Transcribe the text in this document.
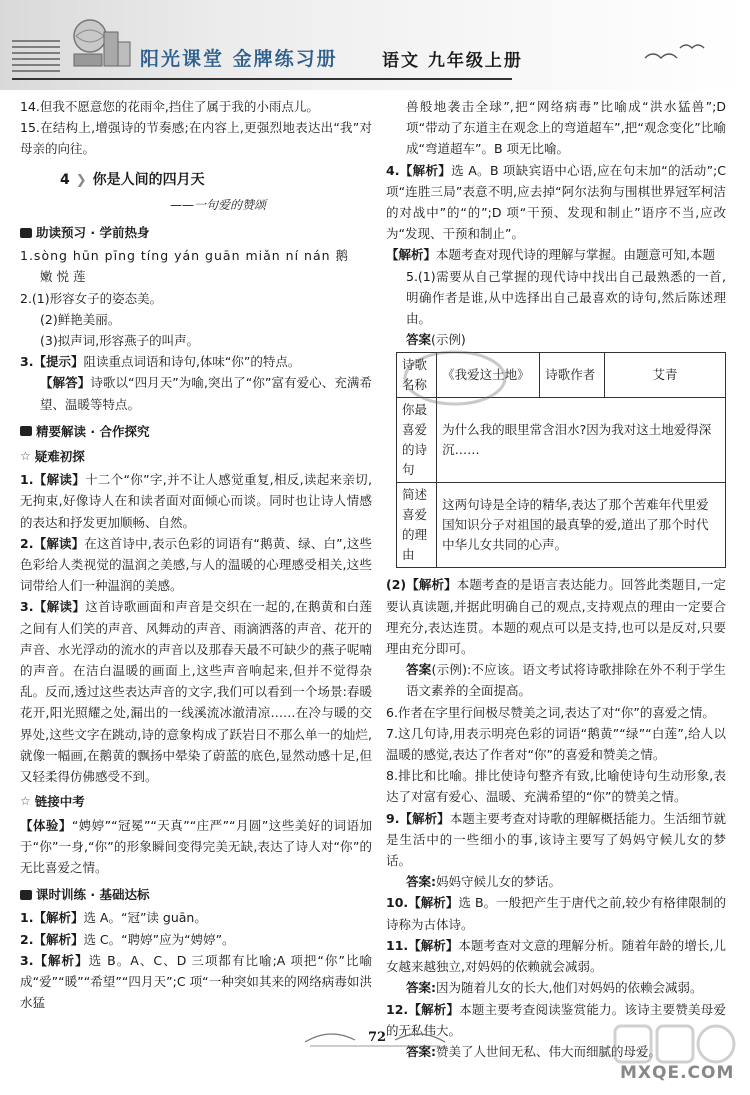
阳光课堂 金牌练习册	语文 九年级上册

14.但我不愿意您的花雨伞,挡住了属于我的小雨点儿。

15.在结构上,增强诗的节奏感;在内容上,更强烈地表达出“我”对母亲的向往。

4 ❯ 你是人间的四月天
——一句爱的赞颂
助读预习 · 学前热身

1.sòng hūn pīng tíng yán guān miǎn ní nán 鹅

嫩 悦 莲

2.(1)形容女子的姿态美。

(2)鲜艳美丽。

(3)拟声词,形容燕子的叫声。

3.【提示】阻读重点词语和诗句,体味“你”的特点。

【解答】诗歌以“四月天”为喻,突出了“你”富有爱心、充满希望、温暖等特点。

精要解读 · 合作探究
☆ 疑难初探

1.【解读】十二个“你”字,并不让人感觉重复,相反,读起来亲切,无拘束,好像诗人在和读者面对面倾心而谈。同时也让诗人情感的表达和抒发更加顺畅、自然。

2.【解读】在这首诗中,表示色彩的词语有“鹅黄、绿、白”,这些色彩给人类视觉的温润之美感,与人的温暖的心理感受相关,这些词带给人们一种温润的美感。

3.【解读】这首诗歌画面和声音是交织在一起的,在鹅黄和白莲之间有人们笑的声音、风舞动的声音、雨滴洒落的声音、花开的声音、水光浮动的流水的声音以及那春天最不可缺少的燕子呢喃的声音。在洁白温暖的画面上,这些声音响起来,但并不觉得杂乱。反而,透过这些表达声音的文字,我们可以看到一个场景:春暖花开,阳光照耀之处,漏出的一线溪流冰澈清凉……在冷与暖的交界处,这些文字在跳动,诗的意象构成了跃岩日不那么单一的灿烂,就像一幅画,在鹅黄的飘扬中晕染了蔚蓝的底色,显然动感十足,但又轻柔得仿佛感受不到。

☆ 链接中考

【体验】“娉婷”“冠冕”“天真”“庄严”“月圆”这些美好的词语加于“你”一身,“你”的形象瞬间变得完美无缺,表达了诗人对“你”的无比喜爱之情。

课时训练 · 基础达标

1.【解析】选 A。“冠”读 guān。

2.【解析】选 C。“聘婷”应为“娉婷”。

3.【解析】选 B。A、C、D 三项都有比喻;A 项把“你”比喻成“爱”“暖”“希望”“四月天”;C 项“一种突如其来的网络病毒如洪水猛

兽般地袭击全球”,把“网络病毒”比喻成“洪水猛兽”;D 项“带动了东道主在观念上的弯道超车”,把“观念变化”比喻成“弯道超车”。B 项无比喻。

4.【解析】选 A。B 项缺宾语中心语,应在句末加“的活动”;C 项“连胜三局”表意不明,应去掉“阿尔法狗与围棋世界冠军柯洁的对战中”的“的”;D 项“干预、发现和制止”语序不当,应改为“发现、干预和制止”。

【解析】本题考查对现代诗的理解与掌握。由题意可知,本题

5.(1)需要从自己掌握的现代诗中找出自己最熟悉的一首,明确作者是谁,从中选择出自己最喜欢的诗句,然后陈述理由。

答案(示例)

诗歌名称	《我爱这土地》	诗歌作者	艾青
你最喜爱的诗句	为什么我的眼里常含泪水?因为我对这土地爱得深沉……		
简述喜爱的理由	这两句诗是全诗的精华,表达了那个苦难年代里爱国知识分子对祖国的最真挚的爱,道出了那个时代中华儿女共同的心声。		

(2)【解析】本题考查的是语言表达能力。回答此类题目,一定要认真读题,并据此明确自己的观点,支持观点的理由一定要合理充分,表达连贯。本题的观点可以是支持,也可以是反对,只要理由充分即可。

答案(示例):不应该。语文考试将诗歌排除在外不利于学生语文素养的全面提高。

6.作者在字里行间极尽赞美之词,表达了对“你”的喜爱之情。

7.这几句诗,用表示明亮色彩的词语“鹅黄”“绿”“白莲”,给人以温暖的感觉,表达了作者对“你”的喜爱和赞美之情。

8.排比和比喻。排比使诗句整齐有致,比喻使诗句生动形象,表达了对富有爱心、温暖、充满希望的“你”的赞美之情。

9.【解析】本题主要考查对诗歌的理解概括能力。生活细节就是生活中的一些细小的事,该诗主要写了妈妈守候儿女的梦话。

答案:妈妈守候儿女的梦话。

10.【解析】选 B。一般把产生于唐代之前,较少有格律限制的诗称为古体诗。

11.【解析】本题考查对文意的理解分析。随着年龄的增长,儿女越来越独立,对妈妈的依赖就会减弱。

答案:因为随着儿女的长大,他们对妈妈的依赖会减弱。

12.【解析】本题主要考查阅读鉴赏能力。该诗主要赞美母爱的无私伟大。

答案:赞美了人世间无私、伟大而细腻的母爱。

72
MXQE.COM
